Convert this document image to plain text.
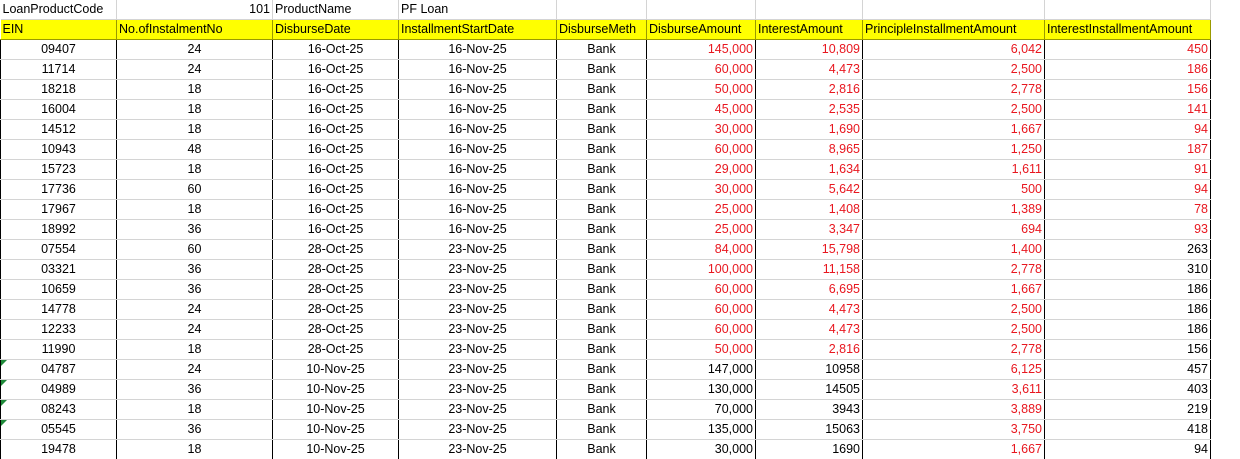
LoanProductCode	101	ProductName	PF Loan					
EIN	No.ofInstalmentNo	DisburseDate	InstallmentStartDate	DisburseMeth	DisburseAmount	InterestAmount	PrincipleInstallmentAmount	InterestInstallmentAmount
09407	24	16-Oct-25	16-Nov-25	Bank	145,000	10,809	6,042	450
11714	24	16-Oct-25	16-Nov-25	Bank	60,000	4,473	2,500	186
18218	18	16-Oct-25	16-Nov-25	Bank	50,000	2,816	2,778	156
16004	18	16-Oct-25	16-Nov-25	Bank	45,000	2,535	2,500	141
14512	18	16-Oct-25	16-Nov-25	Bank	30,000	1,690	1,667	94
10943	48	16-Oct-25	16-Nov-25	Bank	60,000	8,965	1,250	187
15723	18	16-Oct-25	16-Nov-25	Bank	29,000	1,634	1,611	91
17736	60	16-Oct-25	16-Nov-25	Bank	30,000	5,642	500	94
17967	18	16-Oct-25	16-Nov-25	Bank	25,000	1,408	1,389	78
18992	36	16-Oct-25	16-Nov-25	Bank	25,000	3,347	694	93
07554	60	28-Oct-25	23-Nov-25	Bank	84,000	15,798	1,400	263
03321	36	28-Oct-25	23-Nov-25	Bank	100,000	11,158	2,778	310
10659	36	28-Oct-25	23-Nov-25	Bank	60,000	6,695	1,667	186
14778	24	28-Oct-25	23-Nov-25	Bank	60,000	4,473	2,500	186
12233	24	28-Oct-25	23-Nov-25	Bank	60,000	4,473	2,500	186
11990	18	28-Oct-25	23-Nov-25	Bank	50,000	2,816	2,778	156
04787	24	10-Nov-25	23-Nov-25	Bank	147,000	10958	6,125	457
04989	36	10-Nov-25	23-Nov-25	Bank	130,000	14505	3,611	403
08243	18	10-Nov-25	23-Nov-25	Bank	70,000	3943	3,889	219
05545	36	10-Nov-25	23-Nov-25	Bank	135,000	15063	3,750	418
19478	18	10-Nov-25	23-Nov-25	Bank	30,000	1690	1,667	94
